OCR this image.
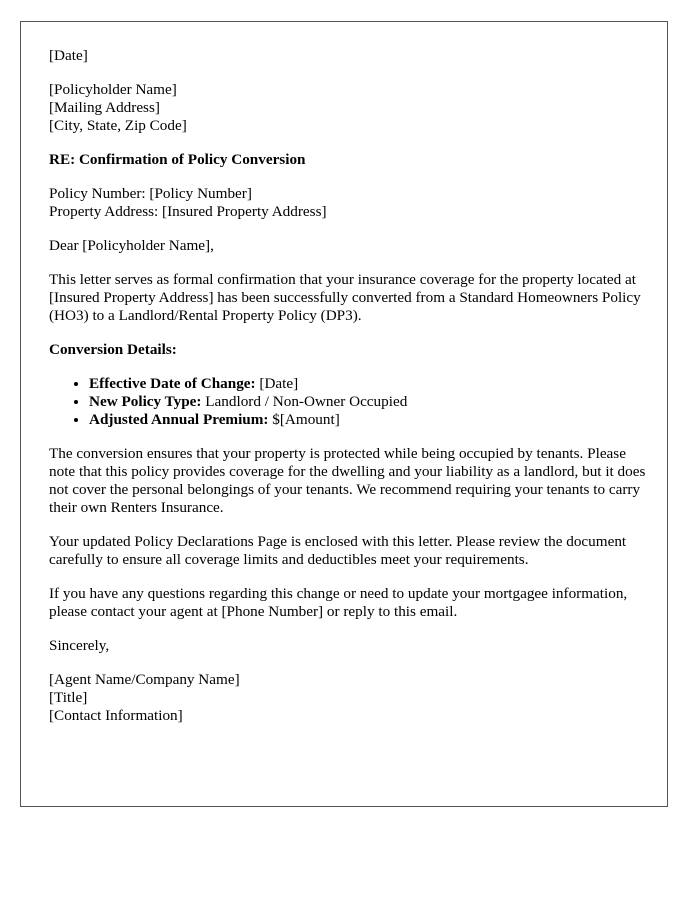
[Date]

[Policyholder Name]
[Mailing Address]
[City, State, Zip Code]

RE: Confirmation of Policy Conversion

Policy Number: [Policy Number]
Property Address: [Insured Property Address]

Dear [Policyholder Name],

This letter serves as formal confirmation that your insurance coverage for the property located at [Insured Property Address] has been successfully converted from a Standard Homeowners Policy (HO3) to a Landlord/Rental Property Policy (DP3).

Conversion Details:

• Effective Date of Change: [Date]
• New Policy Type: Landlord / Non-Owner Occupied
• Adjusted Annual Premium: $[Amount]

The conversion ensures that your property is protected while being occupied by tenants. Please note that this policy provides coverage for the dwelling and your liability as a landlord, but it does not cover the personal belongings of your tenants. We recommend requiring your tenants to carry their own Renters Insurance.

Your updated Policy Declarations Page is enclosed with this letter. Please review the document carefully to ensure all coverage limits and deductibles meet your requirements.

If you have any questions regarding this change or need to update your mortgagee information, please contact your agent at [Phone Number] or reply to this email.

Sincerely,

[Agent Name/Company Name]
[Title]
[Contact Information]
